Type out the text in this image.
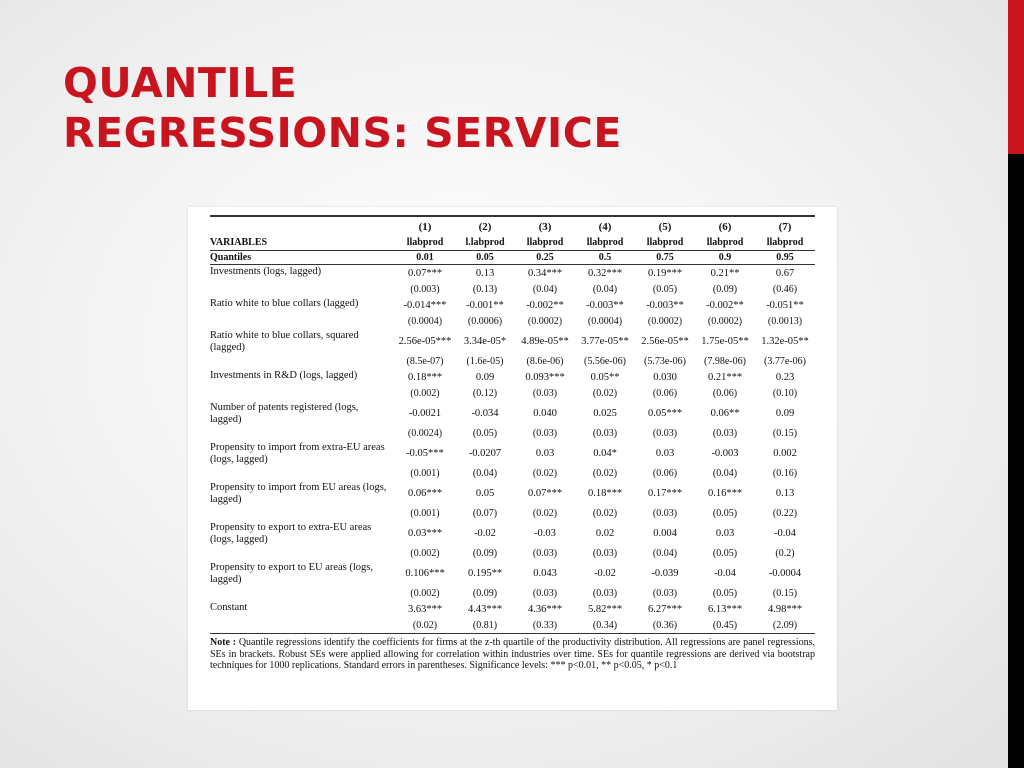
QUANTILE
REGRESSIONS: SERVICE
	(1)	(2)	(3)	(4)	(5)	(6)	(7)
VARIABLES	llabprod	l.labprod	llabprod	llabprod	llabprod	llabprod	llabprod
Quantiles	0.01	0.05	0.25	0.5	0.75	0.9	0.95
Investments (logs, lagged)	0.07***	0.13	0.34***	0.32***	0.19***	0.21**	0.67
	(0.003)	(0.13)	(0.04)	(0.04)	(0.05)	(0.09)	(0.46)
Ratio white to blue collars (lagged)	-0.014***	-0.001**	-0.002**	-0.003**	-0.003**	-0.002**	-0.051**
	(0.0004)	(0.0006)	(0.0002)	(0.0004)	(0.0002)	(0.0002)	(0.0013)
Ratio white to blue collars, squared (lagged)	2.56e-05***	3.34e-05*	4.89e-05**	3.77e-05**	2.56e-05**	1.75e-05**	1.32e-05**
	(8.5e-07)	(1.6e-05)	(8.6e-06)	(5.56e-06)	(5.73e-06)	(7.98e-06)	(3.77e-06)
Investments in R&D (logs, lagged)	0.18***	0.09	0.093***	0.05**	0.030	0.21***	0.23
	(0.002)	(0.12)	(0.03)	(0.02)	(0.06)	(0.06)	(0.10)
Number of patents registered (logs, lagged)	-0.0021	-0.034	0.040	0.025	0.05***	0.06**	0.09
	(0.0024)	(0.05)	(0.03)	(0.03)	(0.03)	(0.03)	(0.15)
Propensity to import from extra-EU areas (logs, lagged)	-0.05***	-0.0207	0.03	0.04*	0.03	-0.003	0.002
	(0.001)	(0.04)	(0.02)	(0.02)	(0.06)	(0.04)	(0.16)
Propensity to import from EU areas (logs, lagged)	0.06***	0.05	0.07***	0.18***	0.17***	0.16***	0.13
	(0.001)	(0.07)	(0.02)	(0.02)	(0.03)	(0.05)	(0.22)
Propensity to export to extra-EU areas (logs, lagged)	0.03***	-0.02	-0.03	0.02	0.004	0.03	-0.04
	(0.002)	(0.09)	(0.03)	(0.03)	(0.04)	(0.05)	(0.2)
Propensity to export to EU areas (logs, lagged)	0.106***	0.195**	0.043	-0.02	-0.039	-0.04	-0.0004
	(0.002)	(0.09)	(0.03)	(0.03)	(0.03)	(0.05)	(0.15)
Constant	3.63***	4.43***	4.36***	5.82***	6.27***	6.13***	4.98***
	(0.02)	(0.81)	(0.33)	(0.34)	(0.36)	(0.45)	(2.09)
Note : Quantile regressions identify the coefficients for firms at the z-th quartile of the productivity distribution. All regressions are panel regressions, SEs in brackets. Robust SEs were applied allowing for correlation within industries over time. SEs for quantile regressions are derived via bootstrap techniques for 1000 replications. Standard errors in parentheses. Significance levels: *** p<0.01, ** p<0.05, * p<0.1
